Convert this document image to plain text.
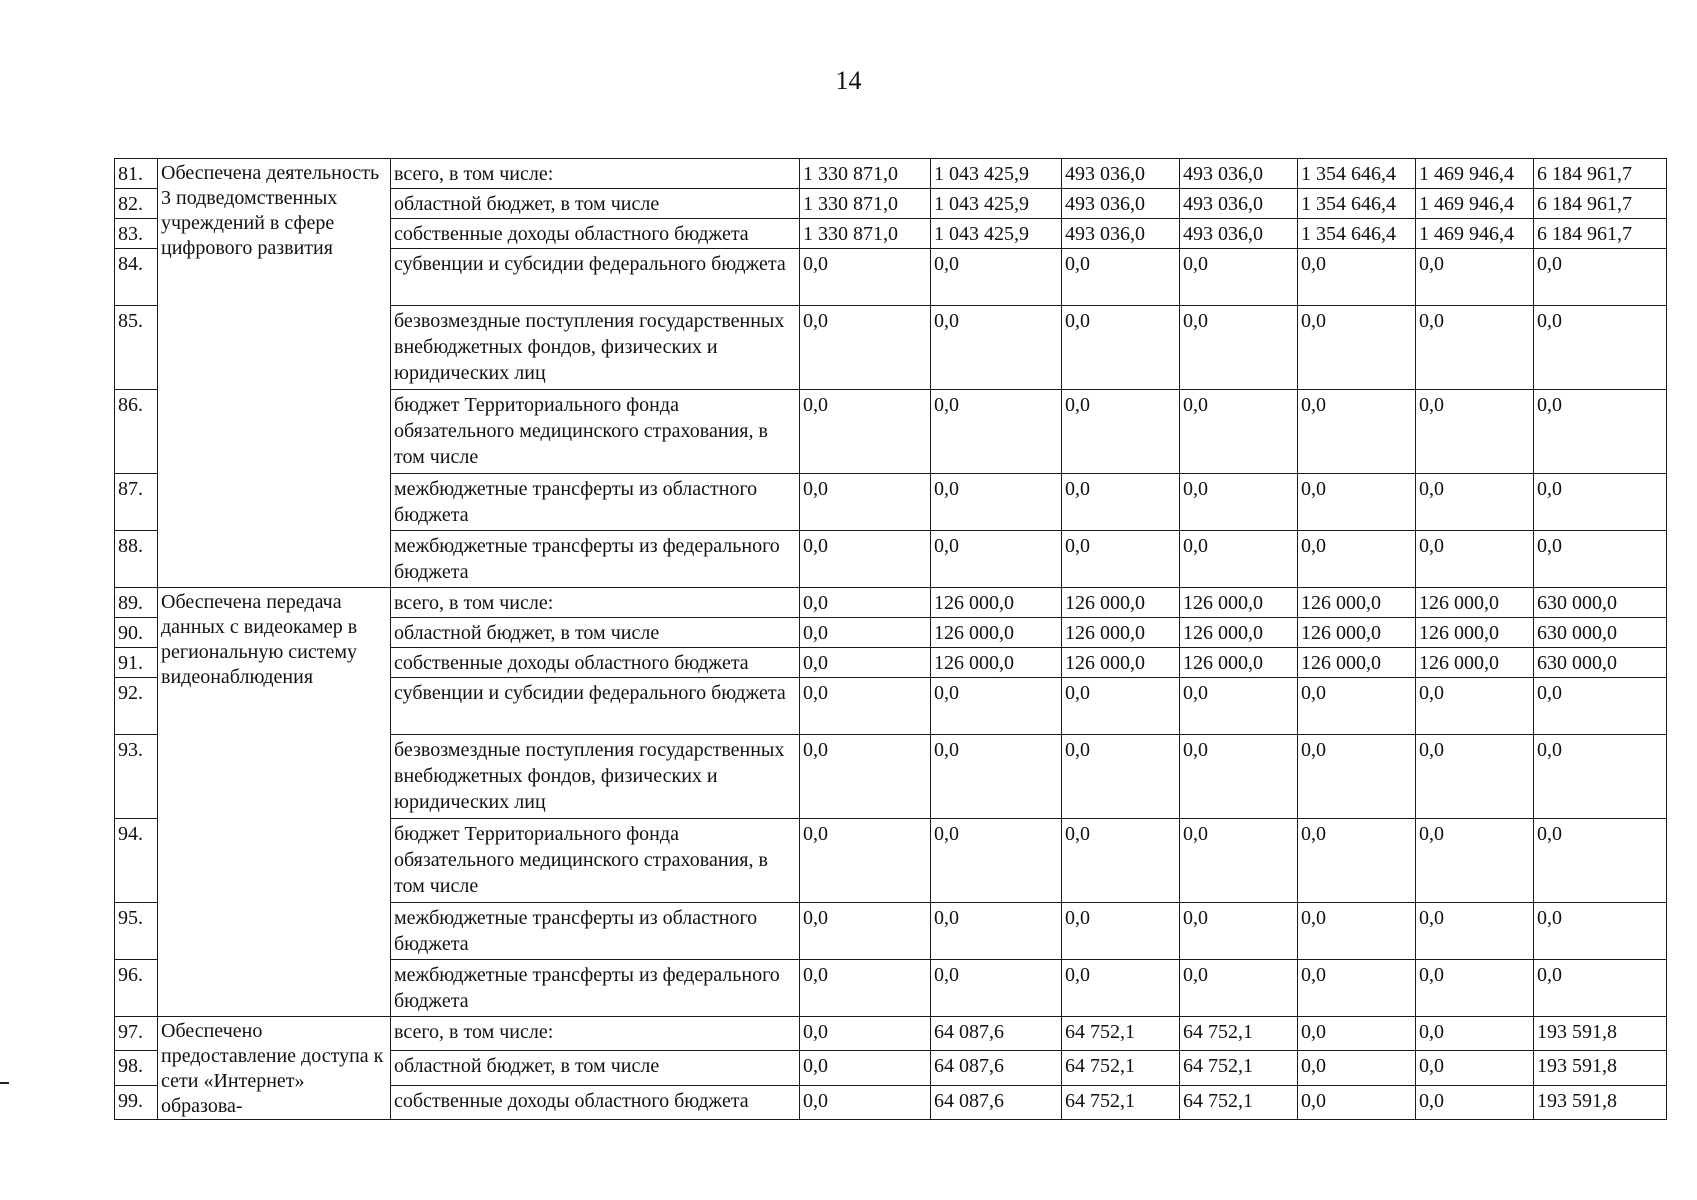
14
81.	Обеспечена деятельность 3 подведомственных учреждений в сфере цифрового развития	всего, в том числе:	1 330 871,0	1 043 425,9	493 036,0	493 036,0	1 354 646,4	1 469 946,4	6 184 961,7
82.		областной бюджет, в том числе	1 330 871,0	1 043 425,9	493 036,0	493 036,0	1 354 646,4	1 469 946,4	6 184 961,7
83.		собственные доходы областного бюджета	1 330 871,0	1 043 425,9	493 036,0	493 036,0	1 354 646,4	1 469 946,4	6 184 961,7
84.		субвенции и субсидии федерального бюджета	0,0	0,0	0,0	0,0	0,0	0,0	0,0
85.		безвозмездные поступления государственных внебюджетных фондов, физических и юридических лиц	0,0	0,0	0,0	0,0	0,0	0,0	0,0
86.		бюджет Территориального фонда обязательного медицинского страхования, в том числе	0,0	0,0	0,0	0,0	0,0	0,0	0,0
87.		межбюджетные трансферты из областного бюджета	0,0	0,0	0,0	0,0	0,0	0,0	0,0
88.		межбюджетные трансферты из федерального бюджета	0,0	0,0	0,0	0,0	0,0	0,0	0,0
89.	Обеспечена передача данных с видеокамер в региональную систему видеонаблюдения	всего, в том числе:	0,0	126 000,0	126 000,0	126 000,0	126 000,0	126 000,0	630 000,0
90.		областной бюджет, в том числе	0,0	126 000,0	126 000,0	126 000,0	126 000,0	126 000,0	630 000,0
91.		собственные доходы областного бюджета	0,0	126 000,0	126 000,0	126 000,0	126 000,0	126 000,0	630 000,0
92.		субвенции и субсидии федерального бюджета	0,0	0,0	0,0	0,0	0,0	0,0	0,0
93.		безвозмездные поступления государственных внебюджетных фондов, физических и юридических лиц	0,0	0,0	0,0	0,0	0,0	0,0	0,0
94.		бюджет Территориального фонда обязательного медицинского страхования, в том числе	0,0	0,0	0,0	0,0	0,0	0,0	0,0
95.		межбюджетные трансферты из областного бюджета	0,0	0,0	0,0	0,0	0,0	0,0	0,0
96.		межбюджетные трансферты из федерального бюджета	0,0	0,0	0,0	0,0	0,0	0,0	0,0
97.	Обеспечено предоставление доступа к сети «Интернет» образова-	всего, в том числе:	0,0	64 087,6	64 752,1	64 752,1	0,0	0,0	193 591,8
98.		областной бюджет, в том числе	0,0	64 087,6	64 752,1	64 752,1	0,0	0,0	193 591,8
99.		собственные доходы областного бюджета	0,0	64 087,6	64 752,1	64 752,1	0,0	0,0	193 591,8
